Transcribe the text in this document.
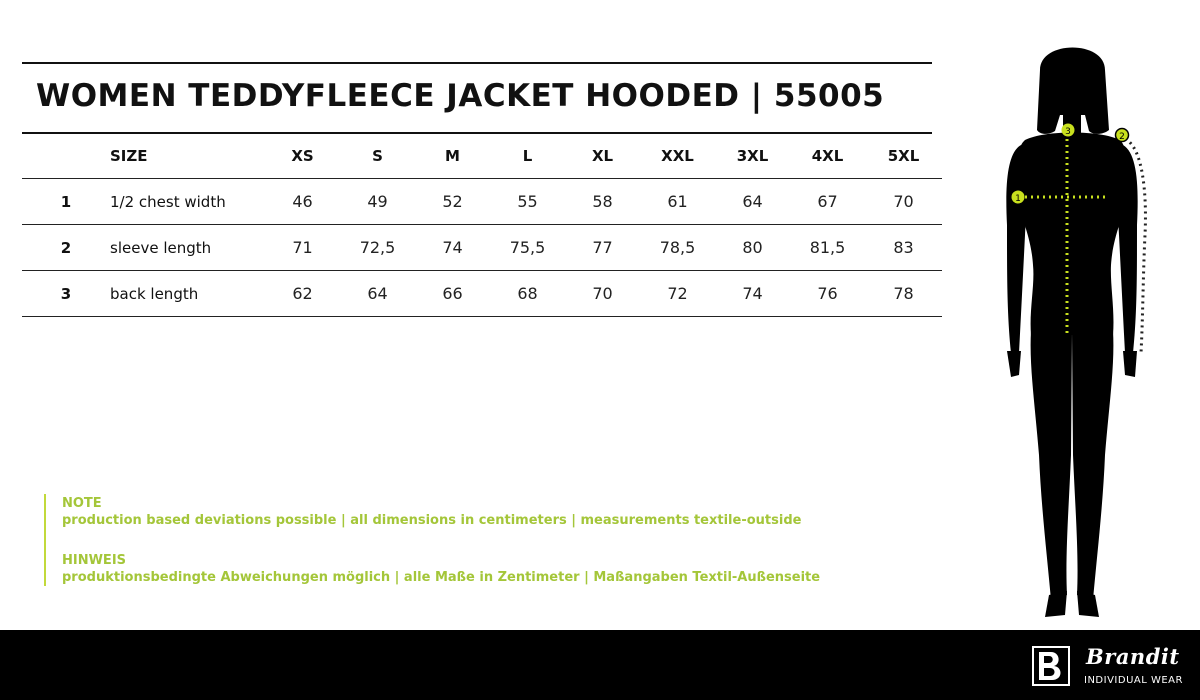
WOMEN TEDDYFLEECE JACKET HOODED | 55005
	SIZE	XS	S	M	L	XL	XXL	3XL	4XL	5XL
1	1/2 chest width	46	49	52	55	58	61	64	67	70
2	sleeve length	71	72,5	74	75,5	77	78,5	80	81,5	83
3	back length	62	64	66	68	70	72	74	76	78
NOTE
production based deviations possible | all dimensions in centimeters | measurements textile-outside
HINWEIS
produktionsbedingte Abweichungen möglich | alle Maße in Zentimeter | Maßangaben Textil-Außenseite
1
2
3
Brandit
INDIVIDUAL WEAR
